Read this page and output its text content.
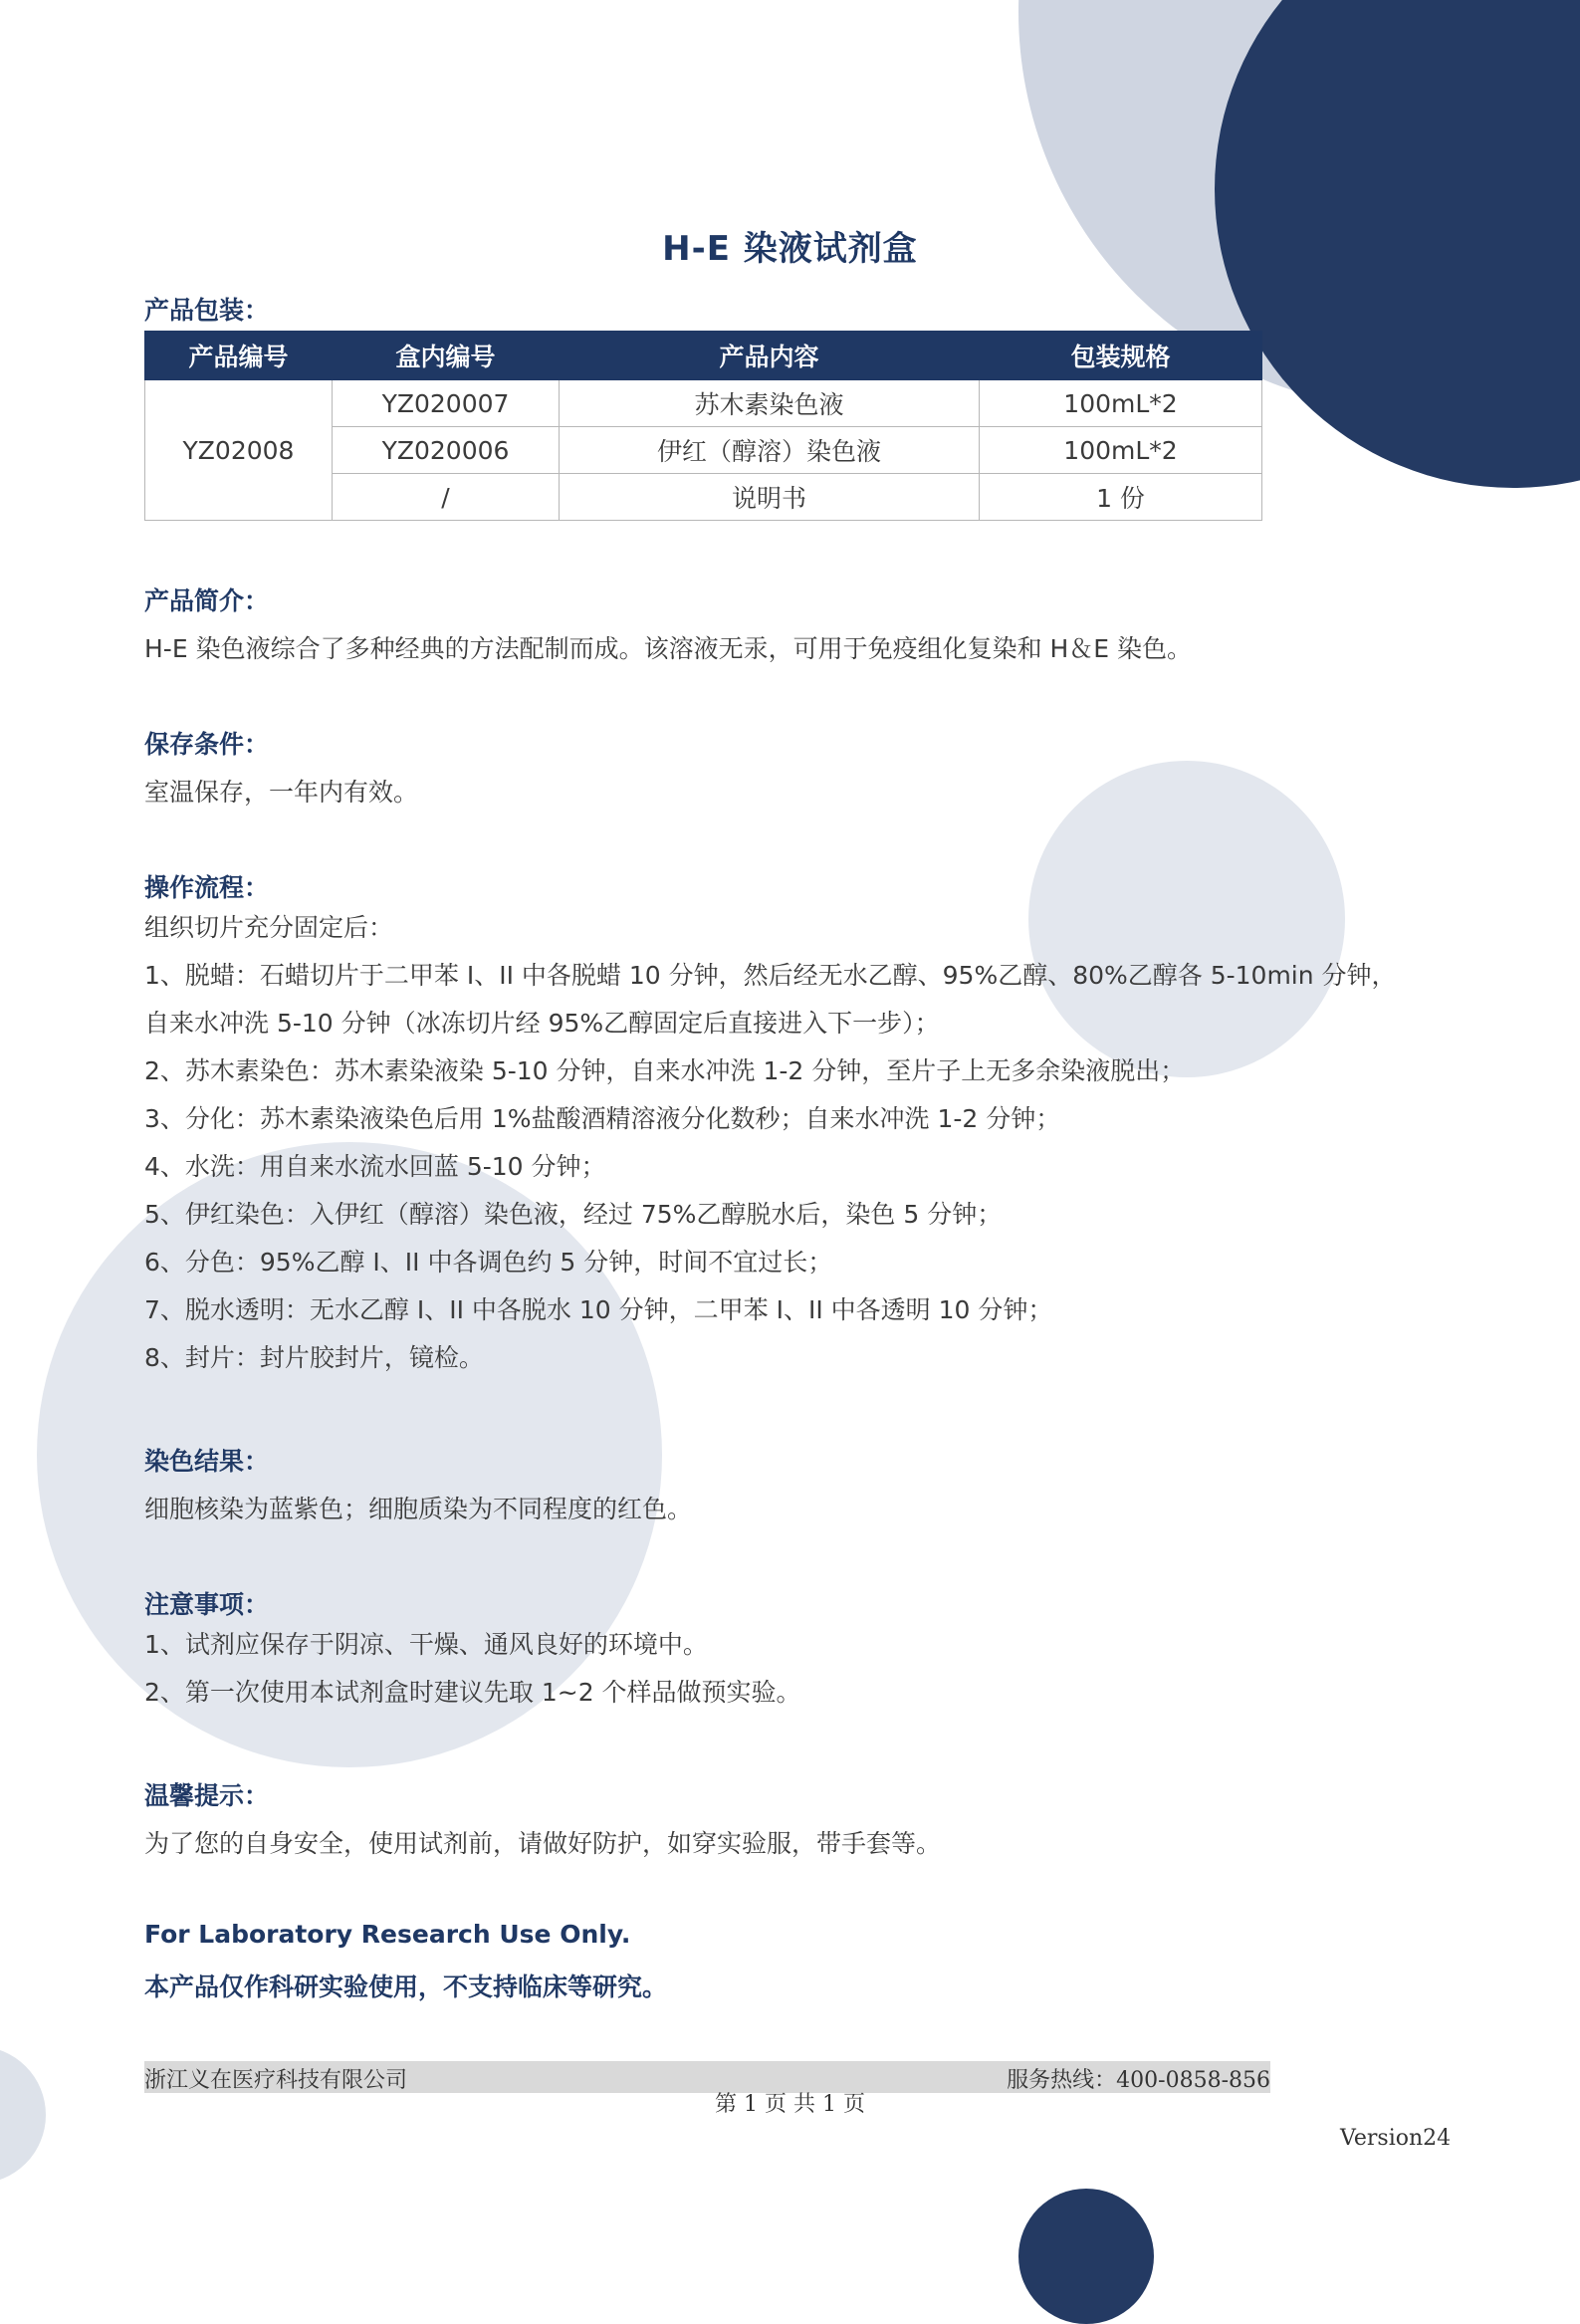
H-E 染液试剂盒
产品包装：
产品编号	盒内编号	产品内容	包装规格
YZ02008	YZ020007	苏木素染色液	100mL*2
	YZ020006	伊红（醇溶）染色液	100mL*2
	/	说明书	1 份
产品简介：
H-E 染色液综合了多种经典的方法配制而成。该溶液无汞，可用于免疫组化复染和 H＆E 染色。
保存条件：
室温保存，一年内有效。
操作流程：
组织切片充分固定后：
1、脱蜡：石蜡切片于二甲苯 I、II 中各脱蜡 10 分钟，然后经无水乙醇、95%乙醇、80%乙醇各 5-10min 分钟，
自来水冲洗 5-10 分钟（冰冻切片经 95%乙醇固定后直接进入下一步）；
2、苏木素染色：苏木素染液染 5-10 分钟，自来水冲洗 1-2 分钟，至片子上无多余染液脱出；
3、分化：苏木素染液染色后用 1%盐酸酒精溶液分化数秒；自来水冲洗 1-2 分钟；
4、水洗：用自来水流水回蓝 5-10 分钟；
5、伊红染色：入伊红（醇溶）染色液，经过 75%乙醇脱水后，染色 5 分钟；
6、分色：95%乙醇 I、II 中各调色约 5 分钟，时间不宜过长；
7、脱水透明：无水乙醇 I、II 中各脱水 10 分钟，二甲苯 I、II 中各透明 10 分钟；
8、封片：封片胶封片，镜检。
染色结果：
细胞核染为蓝紫色；细胞质染为不同程度的红色。
注意事项：
1、试剂应保存于阴凉、干燥、通风良好的环境中。
2、第一次使用本试剂盒时建议先取 1~2 个样品做预实验。
温馨提示：
为了您的自身安全，使用试剂前，请做好防护，如穿实验服，带手套等。
For Laboratory Research Use Only.
本产品仅作科研实验使用，不支持临床等研究。
浙江义在医疗科技有限公司	服务热线：400-0858-856
第 1 页 共 1 页
Version24
